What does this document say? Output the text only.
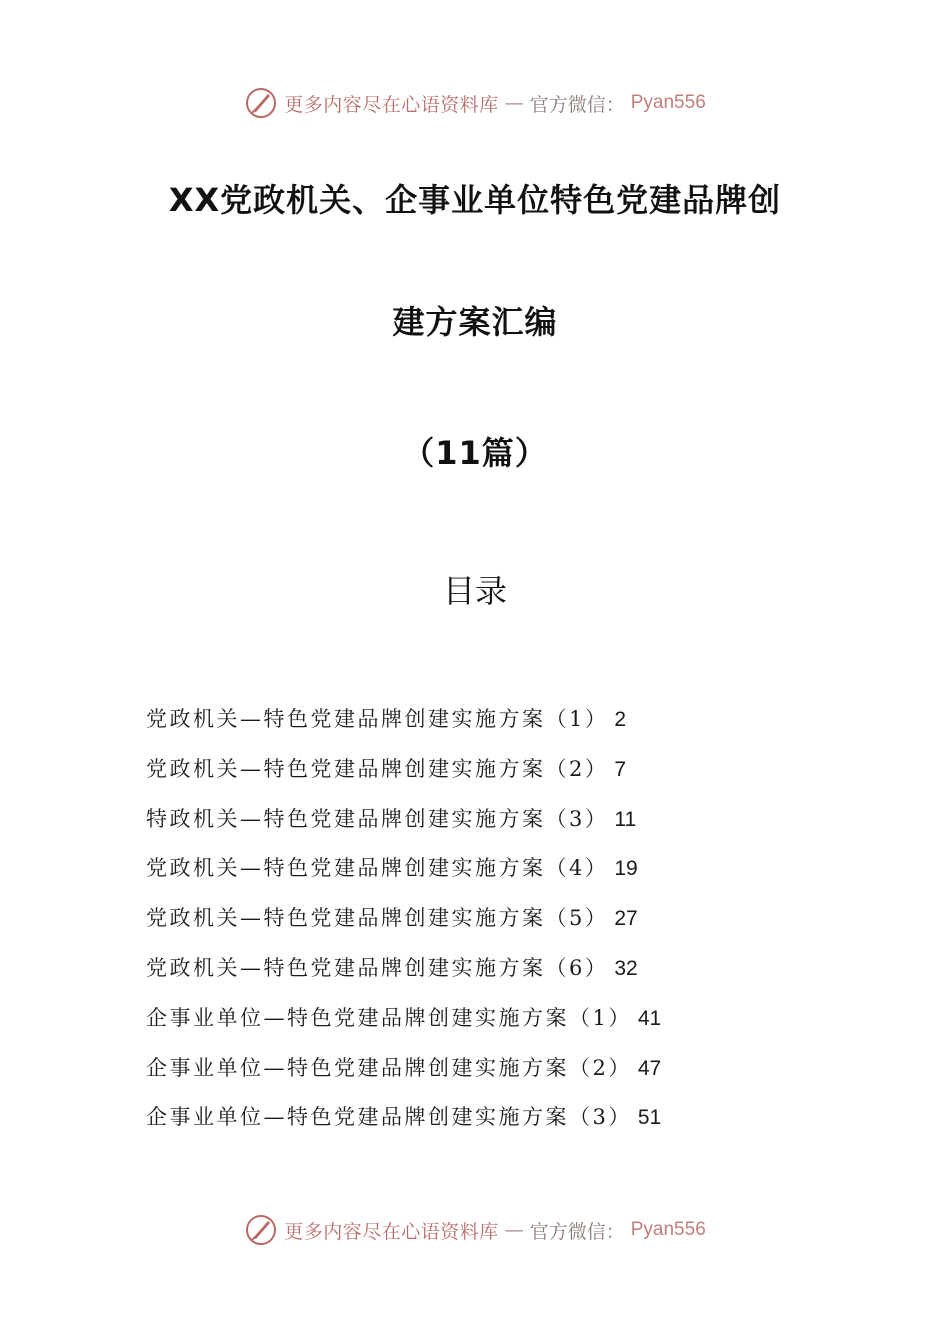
更多内容尽在心语资料库 — 官方微信： Pyan556
XX党政机关、企事业单位特色党建品牌创
建方案汇编
（11篇）
目录
党政机关—特色党建品牌创建实施方案（1） 2
党政机关—特色党建品牌创建实施方案（2） 7
特政机关—特色党建品牌创建实施方案（3） 11
党政机关—特色党建品牌创建实施方案（4） 19
党政机关—特色党建品牌创建实施方案（5） 27
党政机关—特色党建品牌创建实施方案（6） 32
企事业单位—特色党建品牌创建实施方案（1） 41
企事业单位—特色党建品牌创建实施方案（2） 47
企事业单位—特色党建品牌创建实施方案（3） 51
更多内容尽在心语资料库 — 官方微信： Pyan556
